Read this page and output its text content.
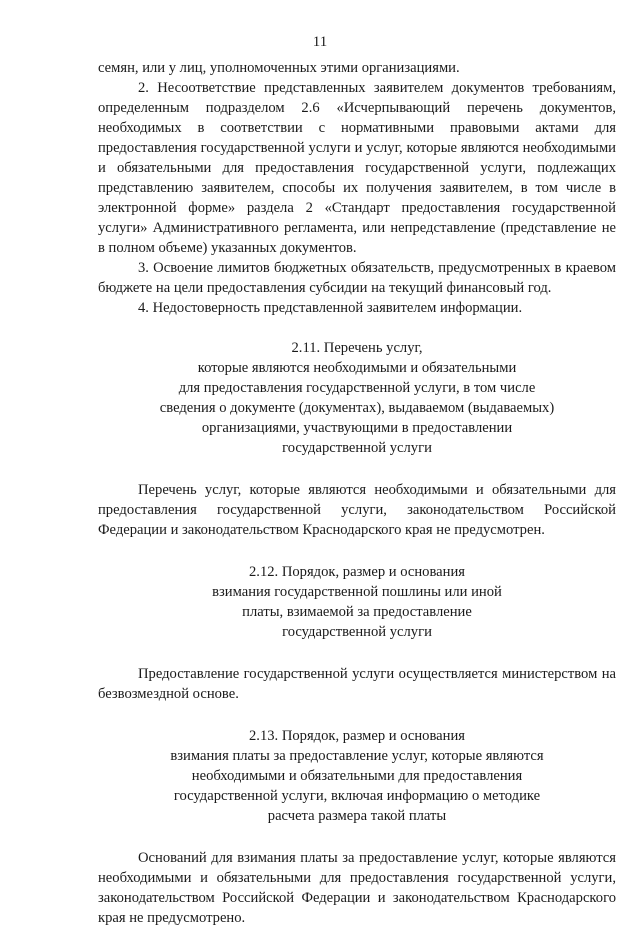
11

семян, или у лиц, уполномоченных этими организациями.

2. Несоответствие представленных заявителем документов требованиям, определенным подразделом 2.6 «Исчерпывающий перечень документов, необходимых в соответствии с нормативными правовыми актами для предоставления государственной услуги и услуг, которые являются необходимыми и обязательными для предоставления государственной услуги, подлежащих представлению заявителем, способы их получения заявителем, в том числе в электронной форме» раздела 2 «Стандарт предоставления государственной услуги» Административного регламента, или непредставление (представление не в полном объеме) указанных документов.

3. Освоение лимитов бюджетных обязательств, предусмотренных в краевом бюджете на цели предоставления субсидии на текущий финансовый год.

4. Недостоверность представленной заявителем информации.

2.11. Перечень услуг,
которые являются необходимыми и обязательными
для предоставления государственной услуги, в том числе
сведения о документе (документах), выдаваемом (выдаваемых)
организациями, участвующими в предоставлении
государственной услуги

Перечень услуг, которые являются необходимыми и обязательными для предоставления государственной услуги, законодательством Российской Федерации и законодательством Краснодарского края не предусмотрен.

2.12. Порядок, размер и основания
взимания государственной пошлины или иной
платы, взимаемой за предоставление
государственной услуги

Предоставление государственной услуги осуществляется министерством на безвозмездной основе.

2.13. Порядок, размер и основания
взимания платы за предоставление услуг, которые являются
необходимыми и обязательными для предоставления
государственной услуги, включая информацию о методике
расчета размера такой платы

Оснований для взимания платы за предоставление услуг, которые являются необходимыми и обязательными для предоставления государственной услуги, законодательством Российской Федерации и законодательством Краснодарского края не предусмотрено.
